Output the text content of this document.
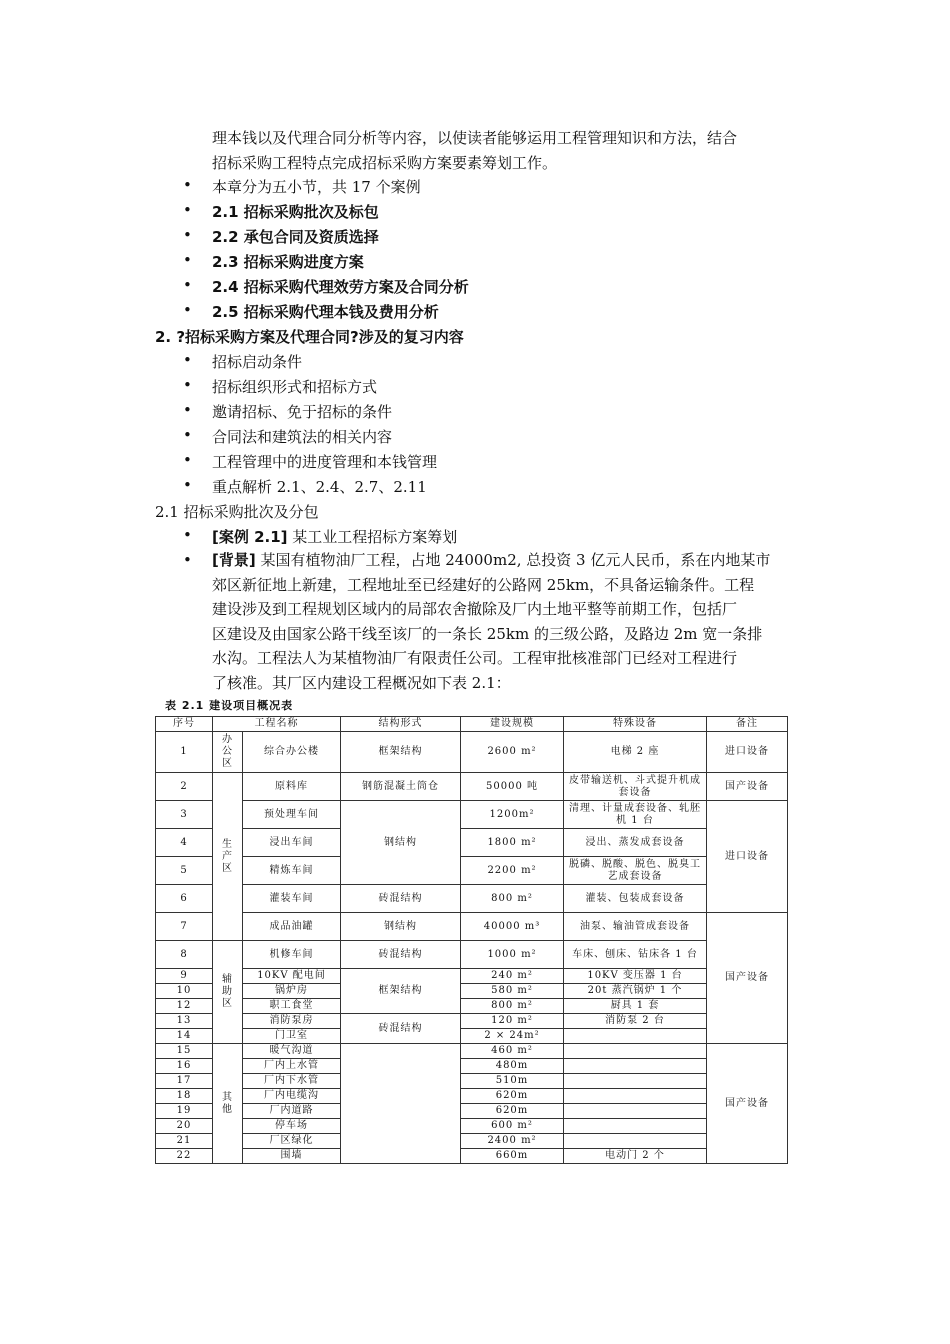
理本钱以及代理合同分析等内容，以使读者能够运用工程管理知识和方法，结合
招标采购工程特点完成招标采购方案要素筹划工作。
• 本章分为五小节，共 17 个案例
• 2.1 招标采购批次及标包
• 2.2 承包合同及资质选择
• 2.3 招标采购进度方案
• 2.4 招标采购代理效劳方案及合同分析
• 2.5 招标采购代理本钱及费用分析
2. ?招标采购方案及代理合同?涉及的复习内容
• 招标启动条件
• 招标组织形式和招标方式
• 邀请招标、免于招标的条件
• 合同法和建筑法的相关内容
• 工程管理中的进度管理和本钱管理
• 重点解析 2.1、2.4、2.7、2.11
2.1 招标采购批次及分包
• [案例 2.1] 某工业工程招标方案筹划
• [背景] 某国有植物油厂工程，占地 24000m2, 总投资 3 亿元人民币，系在内地某市
郊区新征地上新建，工程地址至已经建好的公路网 25km，不具备运输条件。工程
建设涉及到工程规划区域内的局部农舍撤除及厂内土地平整等前期工作，包括厂
区建设及由国家公路干线至该厂的一条长 25km 的三级公路，及路边 2m 宽一条排
水沟。工程法人为某植物油厂有限责任公司。工程审批核准部门已经对工程进行
了核准。其厂区内建设工程概况如下表 2.1：
表 2.1 建设项目概况表
序号	工程名称		结构形式	建设规模	特殊设备	备注
1	办公区	综合办公楼	框架结构	2600 m²	电梯 2 座	进口设备
2	生产区	原料库	钢筋混凝土筒仓	50000 吨	皮带输送机、斗式提升机成套设备	国产设备
3		预处理车间	钢结构	1200m²	清理、计量成套设备、轧胚机 1 台	进口设备
4		浸出车间		1800 m²	浸出、蒸发成套设备	
5		精炼车间		2200 m²	脱磷、脱酸、脱色、脱臭工艺成套设备	
6		灌装车间	砖混结构	800 m²	灌装、包装成套设备	
7		成品油罐	钢结构	40000 m³	油泵、输油管成套设备	国产设备
8	辅助区	机修车间	砖混结构	1000 m²	车床、刨床、钻床各 1 台	
9		10KV 配电间	框架结构	240 m²	10KV 变压器 1 台	
10		锅炉房		580 m²	20t 蒸汽锅炉 1 个	
12		职工食堂		800 m²	厨具 1 套	
13		消防泵房	砖混结构	120 m²	消防泵 2 台	
14		门卫室		2 × 24m²		
15	其他	暖气沟道		460 m²		国产设备
16		厂内上水管		480m		
17		厂内下水管		510m		
18		厂内电缆沟		620m		
19		厂内道路		620m		
20		停车场		600 m²		
21		厂区绿化		2400 m²		
22		围墙		660m	电动门 2 个	
